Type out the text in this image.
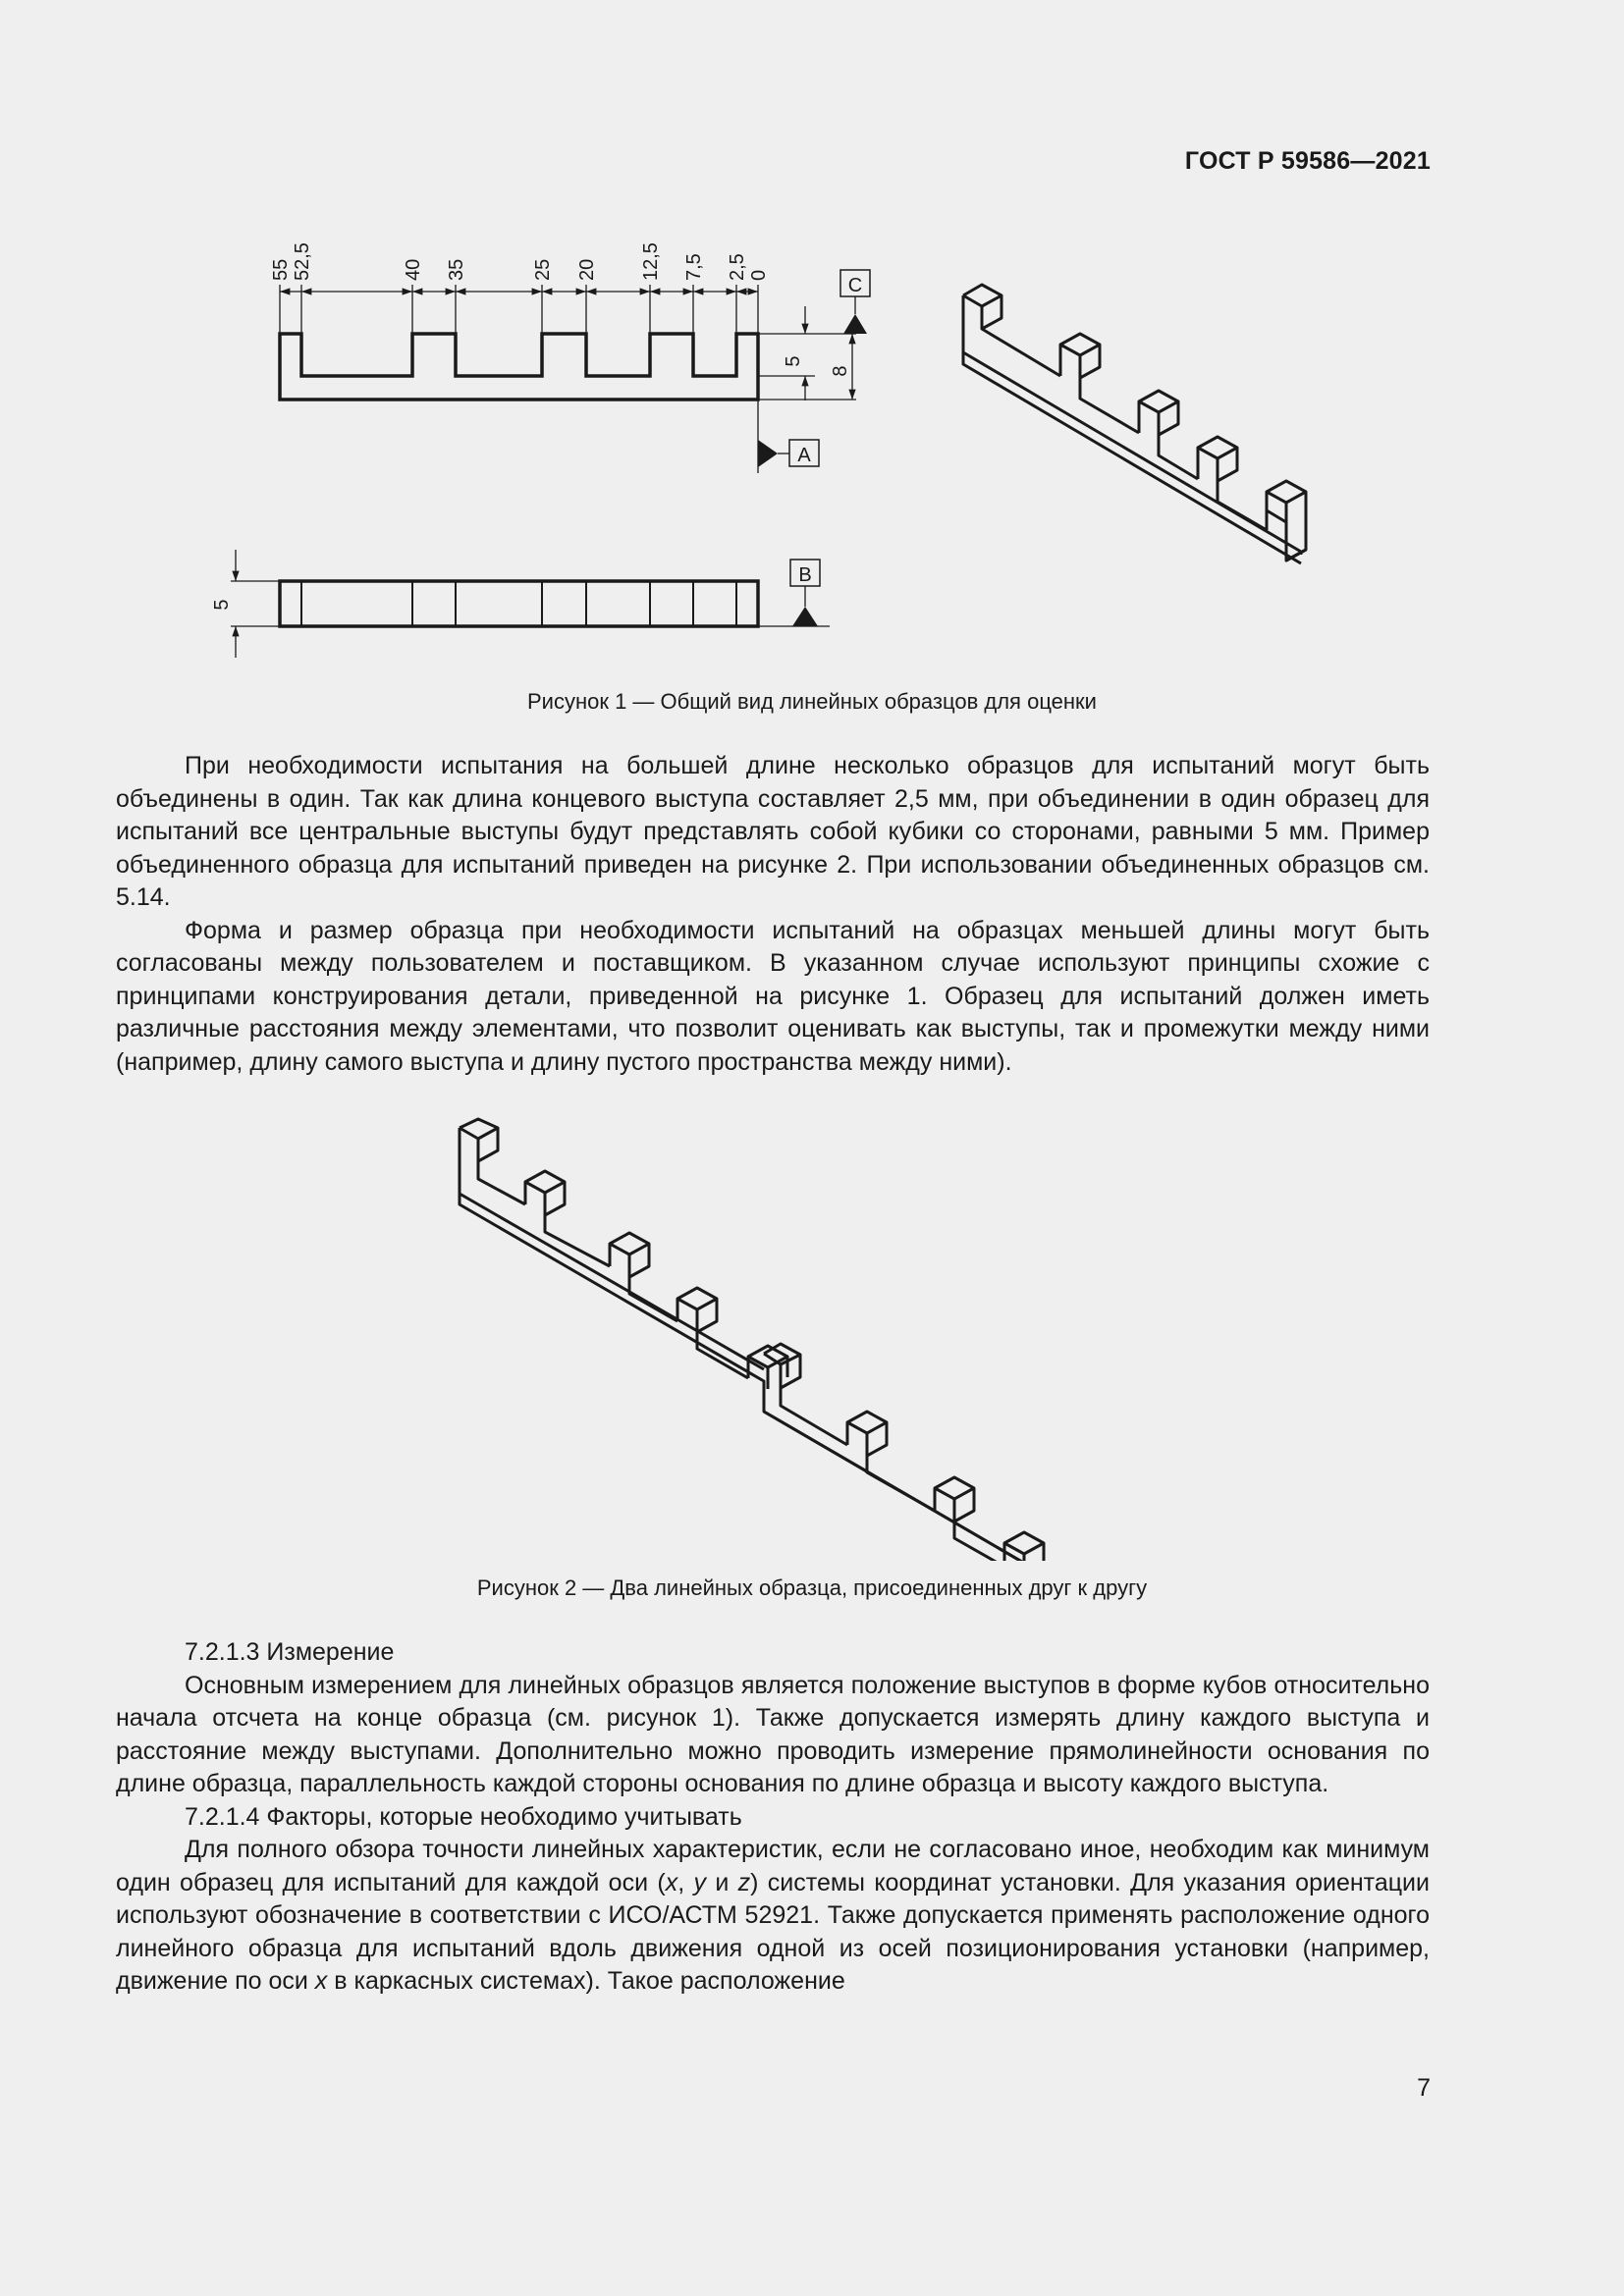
ГОСТ Р 59586—2021
C
A
B
55 52,5	40 35	25 20 12,5 7,5 2,5 0
5
8
5
Рисунок 1 — Общий вид линейных образцов для оценки

При необходимости испытания на большей длине несколько образцов для испытаний могут быть объединены в один. Так как длина концевого выступа составляет 2,5 мм, при объединении в один образец для испытаний все центральные выступы будут представлять собой кубики со сторонами, равными 5 мм. Пример объединенного образца для испытаний приведен на рисунке 2. При использовании объединенных образцов см. 5.14.

Форма и размер образца при необходимости испытаний на образцах меньшей длины могут быть согласованы между пользователем и поставщиком. В указанном случае используют принципы схожие с принципами конструирования детали, приведенной на рисунке 1. Образец для испытаний должен иметь различные расстояния между элементами, что позволит оценивать как выступы, так и промежутки между ними (например, длину самого выступа и длину пустого пространства между ними).

Рисунок 2 — Два линейных образца, присоединенных друг к другу

7.2.1.3 Измерение

Основным измерением для линейных образцов является положение выступов в форме кубов относительно начала отсчета на конце образца (см. рисунок 1). Также допускается измерять длину каждого выступа и расстояние между выступами. Дополнительно можно проводить измерение прямолинейности основания по длине образца, параллельность каждой стороны основания по длине образца и высоту каждого выступа.

7.2.1.4 Факторы, которые необходимо учитывать

Для полного обзора точности линейных характеристик, если не согласовано иное, необходим как минимум один образец для испытаний для каждой оси (x, y и z) системы координат установки. Для указания ориентации используют обозначение в соответствии с ИСО/АСТМ 52921. Также допускается применять расположение одного линейного образца для испытаний вдоль движения одной из осей позиционирования установки (например, движение по оси x в каркасных системах). Такое расположение

7
